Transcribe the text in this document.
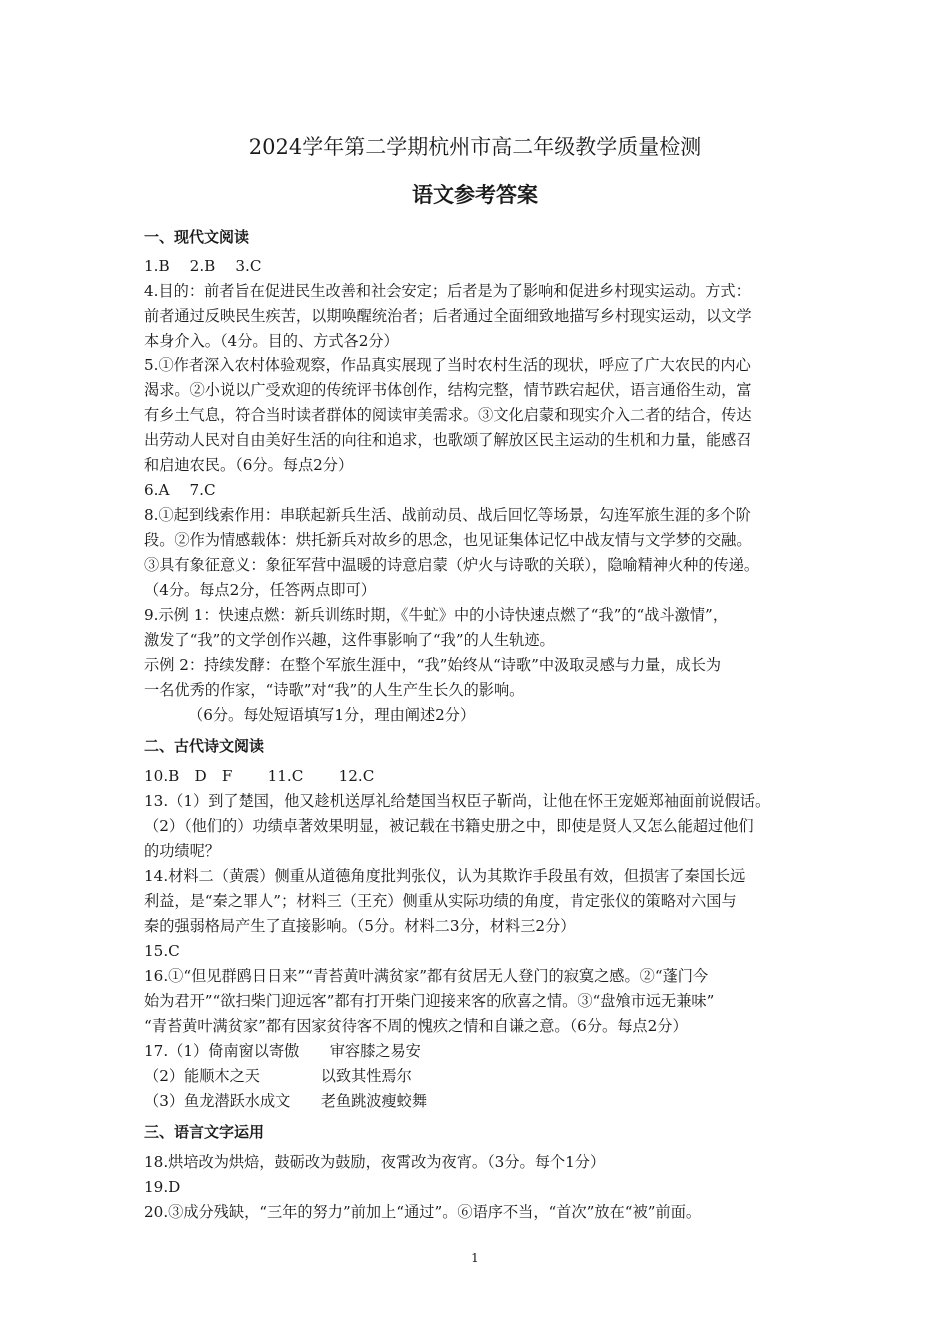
2024学年第二学期杭州市高二年级教学质量检测
语文参考答案
一、现代文阅读
1.B　 2.B　 3.C
4.目的：前者旨在促进民生改善和社会安定；后者是为了影响和促进乡村现实运动。方式：
前者通过反映民生疾苦，以期唤醒统治者；后者通过全面细致地描写乡村现实运动，以文学
本身介入。（4分。目的、方式各2分）
5.①作者深入农村体验观察，作品真实展现了当时农村生活的现状，呼应了广大农民的内心
渴求。②小说以广受欢迎的传统评书体创作，结构完整，情节跌宕起伏，语言通俗生动，富
有乡土气息，符合当时读者群体的阅读审美需求。③文化启蒙和现实介入二者的结合，传达
出劳动人民对自由美好生活的向往和追求，也歌颂了解放区民主运动的生机和力量，能感召
和启迪农民。（6分。每点2分）
6.A　 7.C
8.①起到线索作用：串联起新兵生活、战前动员、战后回忆等场景，勾连军旅生涯的多个阶
段。②作为情感载体：烘托新兵对故乡的思念，也见证集体记忆中战友情与文学梦的交融。
③具有象征意义：象征军营中温暖的诗意启蒙（炉火与诗歌的关联），隐喻精神火种的传递。
（4分。每点2分，任答两点即可）
9.示例 1：快速点燃：新兵训练时期，《牛虻》中的小诗快速点燃了“我”的“战斗激情”，
激发了“我”的文学创作兴趣，这件事影响了“我”的人生轨迹。
示例 2：持续发酵：在整个军旅生涯中，“我”始终从“诗歌”中汲取灵感与力量，成长为
一名优秀的作家，“诗歌”对“我”的人生产生长久的影响。
（6分。每处短语填写1分，理由阐述2分）
二、古代诗文阅读
10.B　D　F　　 11.C　　 12.C
13.（1）到了楚国，他又趁机送厚礼给楚国当权臣子靳尚，让他在怀王宠姬郑袖面前说假话。
（2）（他们的）功绩卓著效果明显，被记载在书籍史册之中，即使是贤人又怎么能超过他们
的功绩呢？
14.材料二（黄震）侧重从道德角度批判张仪，认为其欺诈手段虽有效，但损害了秦国长远
利益，是“秦之罪人”；材料三（王充）侧重从实际功绩的角度，肯定张仪的策略对六国与
秦的强弱格局产生了直接影响。（5分。材料二3分，材料三2分）
15.C
16.①“但见群鸥日日来”“青苔黄叶满贫家”都有贫居无人登门的寂寞之感。②“蓬门今
始为君开”“欲扫柴门迎远客”都有打开柴门迎接来客的欣喜之情。③“盘飧市远无兼味”
“青苔黄叶满贫家”都有因家贫待客不周的愧疚之情和自谦之意。（6分。每点2分）
17.（1）倚南窗以寄傲　　审容膝之易安
（2）能顺木之天　　　　以致其性焉尔
（3）鱼龙潜跃水成文　　老鱼跳波瘦蛟舞
三、语言文字运用
18.烘培改为烘焙，鼓砺改为鼓励，夜霄改为夜宵。（3分。每个1分）
19.D
20.③成分残缺，“三年的努力”前加上“通过”。⑥语序不当，“首次”放在“被”前面。
1
